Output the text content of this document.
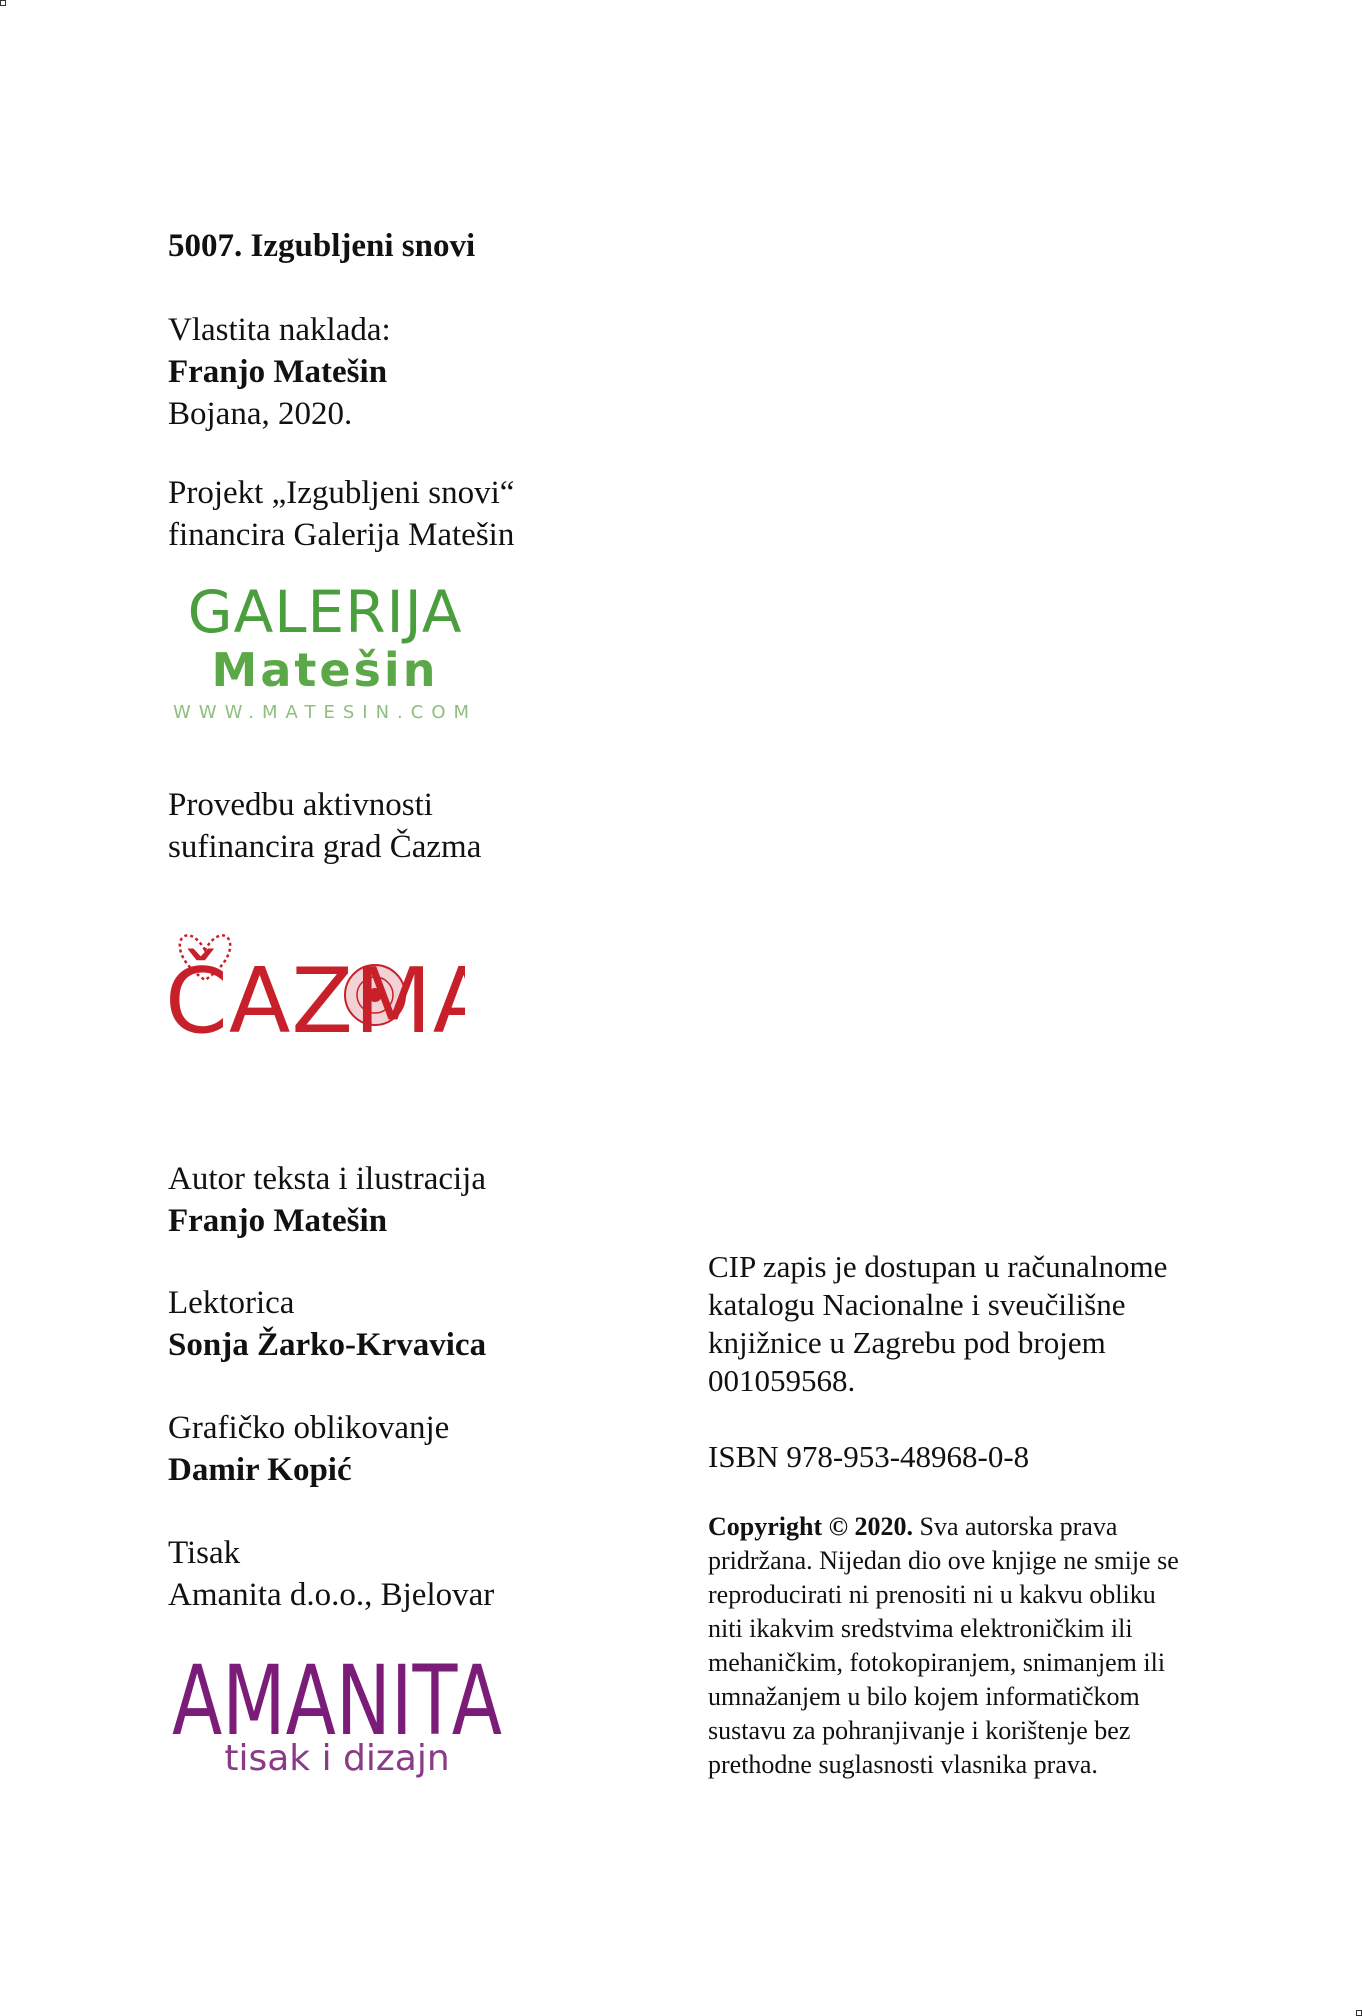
5007. Izgubljeni snovi

Vlastita naklada:

Franjo Matešin

Bojana, 2020.

Projekt „Izgubljeni snovi“

financira Galerija Matešin

GALERIJA
Matešin
WWW.MATESIN.COM

Provedbu aktivnosti

sufinancira grad Čazma

ČAZMA

Autor teksta i ilustracija

Franjo Matešin

Lektorica

Sonja Žarko-Krvavica

Grafičko oblikovanje

Damir Kopić

Tisak

Amanita d.o.o., Bjelovar

AMANITA
tisak i dizajn

CIP zapis je dostupan u računalnome

katalogu Nacionalne i sveučilišne

knjižnice u Zagrebu pod brojem

001059568.

ISBN 978-953-48968-0-8

Copyright © 2020. Sva autorska prava

pridržana. Nijedan dio ove knjige ne smije se

reproducirati ni prenositi ni u kakvu obliku

niti ikakvim sredstvima elektroničkim ili

mehaničkim, fotokopiranjem, snimanjem ili

umnažanjem u bilo kojem informatičkom

sustavu za pohranjivanje i korištenje bez

prethodne suglasnosti vlasnika prava.
